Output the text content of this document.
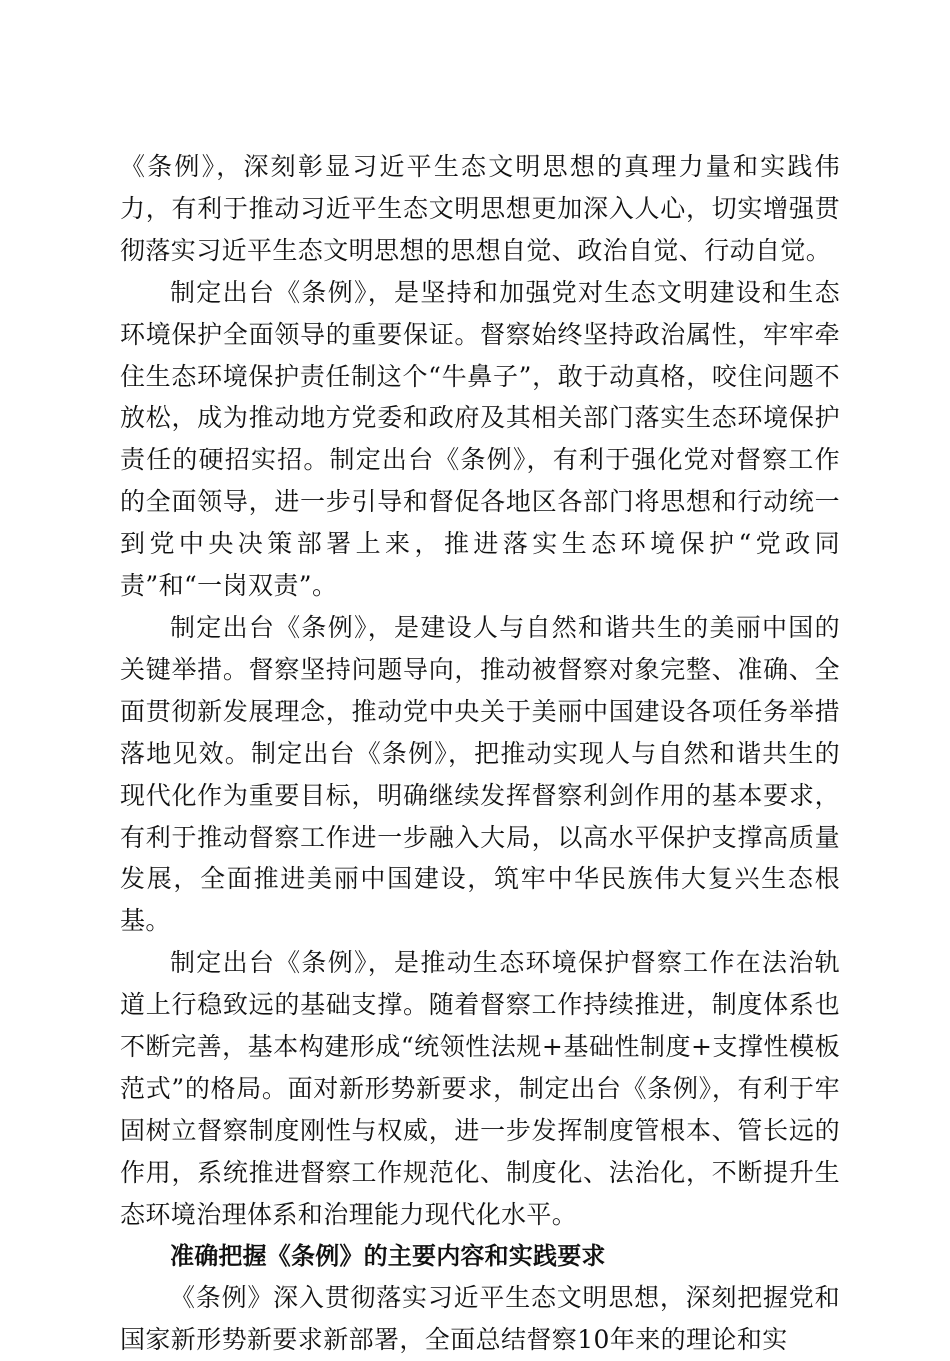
《条例》，深刻彰显习近平生态文明思想的真理力量和实践伟力，有利于推动习近平生态文明思想更加深入人心，切实增强贯彻落实习近平生态文明思想的思想自觉、政治自觉、行动自觉。

制定出台《条例》，是坚持和加强党对生态文明建设和生态环境保护全面领导的重要保证。督察始终坚持政治属性，牢牢牵住生态环境保护责任制这个“牛鼻子”，敢于动真格，咬住问题不放松，成为推动地方党委和政府及其相关部门落实生态环境保护责任的硬招实招。制定出台《条例》，有利于强化党对督察工作的全面领导，进一步引导和督促各地区各部门将思想和行动统一到党中央决策部署上来，推进落实生态环境保护“党政同责”和“一岗双责”。

制定出台《条例》，是建设人与自然和谐共生的美丽中国的关键举措。督察坚持问题导向，推动被督察对象完整、准确、全面贯彻新发展理念，推动党中央关于美丽中国建设各项任务举措落地见效。制定出台《条例》，把推动实现人与自然和谐共生的现代化作为重要目标，明确继续发挥督察利剑作用的基本要求，有利于推动督察工作进一步融入大局，以高水平保护支撑高质量发展，全面推进美丽中国建设，筑牢中华民族伟大复兴生态根基。

制定出台《条例》，是推动生态环境保护督察工作在法治轨道上行稳致远的基础支撑。随着督察工作持续推进，制度体系也不断完善，基本构建形成“统领性法规+基础性制度+支撑性模板范式”的格局。面对新形势新要求，制定出台《条例》，有利于牢固树立督察制度刚性与权威，进一步发挥制度管根本、管长远的作用，系统推进督察工作规范化、制度化、法治化，不断提升生态环境治理体系和治理能力现代化水平。

准确把握《条例》的主要内容和实践要求

《条例》深入贯彻落实习近平生态文明思想，深刻把握党和国家新形势新要求新部署，全面总结督察10年来的理论和实
